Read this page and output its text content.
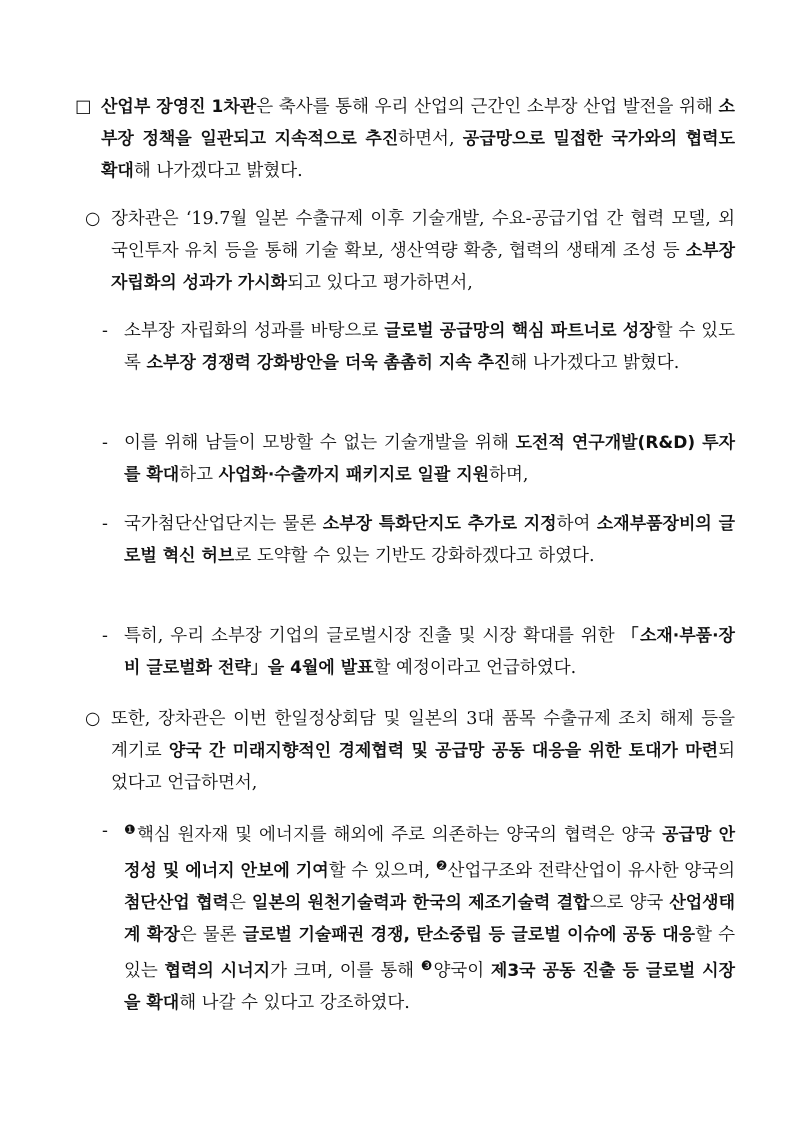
□ 산업부 장영진 1차관은 축사를 통해 우리 산업의 근간인 소부장 산업 발전을 위해 소부장 정책을 일관되고 지속적으로 추진하면서, 공급망으로 밀접한 국가와의 협력도 확대해 나가겠다고 밝혔다.
○ 장차관은 ‘19.7월 일본 수출규제 이후 기술개발, 수요-공급기업 간 협력 모델, 외국인투자 유치 등을 통해 기술 확보, 생산역량 확충, 협력의 생태계 조성 등 소부장 자립화의 성과가 가시화되고 있다고 평가하면서,
- 소부장 자립화의 성과를 바탕으로 글로벌 공급망의 핵심 파트너로 성장할 수 있도록 소부장 경쟁력 강화방안을 더욱 촘촘히 지속 추진해 나가겠다고 밝혔다.
- 이를 위해 남들이 모방할 수 없는 기술개발을 위해 도전적 연구개발(R&D) 투자를 확대하고 사업화·수출까지 패키지로 일괄 지원하며,
- 국가첨단산업단지는 물론 소부장 특화단지도 추가로 지정하여 소재부품장비의 글로벌 혁신 허브로 도약할 수 있는 기반도 강화하겠다고 하였다.
- 특히, 우리 소부장 기업의 글로벌시장 진출 및 시장 확대를 위한 「소재·부품·장비 글로벌화 전략」을 4월에 발표할 예정이라고 언급하였다.
○ 또한, 장차관은 이번 한일정상회담 및 일본의 3대 품목 수출규제 조치 해제 등을 계기로 양국 간 미래지향적인 경제협력 및 공급망 공동 대응을 위한 토대가 마련되었다고 언급하면서,
- $^❶$핵심 원자재 및 에너지를 해외에 주로 의존하는 양국의 협력은 양국 공급망 안정성 및 에너지 안보에 기여할 수 있으며, $^❷$산업구조와 전략산업이 유사한 양국의 첨단산업 협력은 일본의 원천기술력과 한국의 제조기술력 결합으로 양국 산업생태계 확장은 물론 글로벌 기술패권 경쟁, 탄소중립 등 글로벌 이슈에 공동 대응할 수 있는 협력의 시너지가 크며, 이를 통해 $^❸$양국이 제3국 공동 진출 등 글로벌 시장을 확대해 나갈 수 있다고 강조하였다.
